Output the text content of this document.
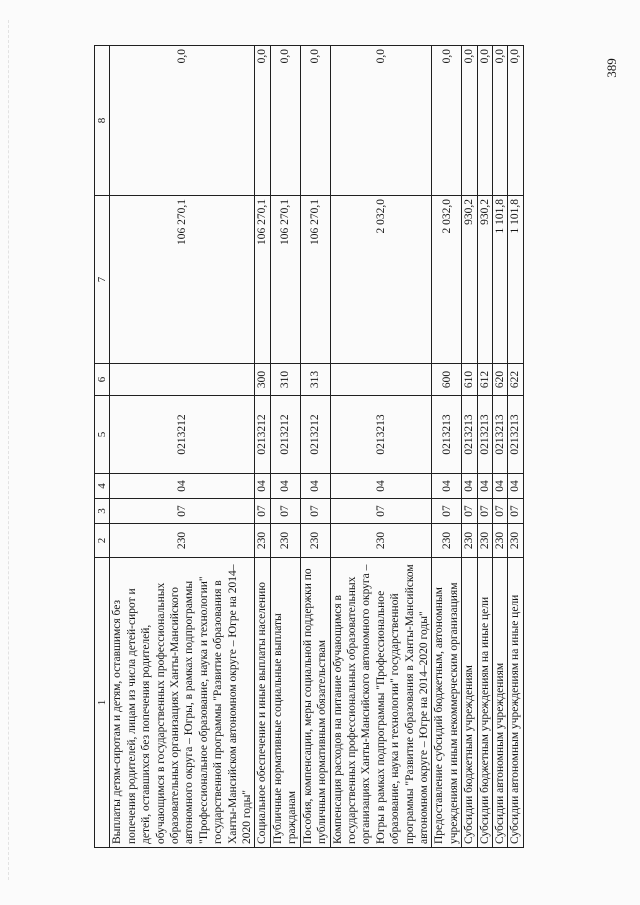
389
1	2	3	4	5	6	7	8
Выплаты детям-сиротам и детям, оставшимся без попечения родителей, лицам из числа детей-сирот и детей, оставшихся без попечения родителей, обучающимся в государственных профессиональных образовательных организациях Ханты-Мансийского автономного округа – Югры, в рамках подпрограммы "Профессиональное образование, наука и технологии" государственной программы "Развитие образования в Ханты-Мансийском автономном округе – Югре на 2014–2020 годы"	230	07	04	0213212		106 270,1	0,0
Социальное обеспечение и иные выплаты населению	230	07	04	0213212	300	106 270,1	0,0
Публичные нормативные социальные выплаты гражданам	230	07	04	0213212	310	106 270,1	0,0
Пособия, компенсации, меры социальной поддержки по публичным нормативным обязательствам	230	07	04	0213212	313	106 270,1	0,0
Компенсация расходов на питание обучающимся в государственных профессиональных образовательных организациях Ханты-Мансийского автономного округа – Югры в рамках подпрограммы "Профессиональное образование, наука и технологии" государственной программы "Развитие образования в Ханты-Мансийском автономном округе – Югре на 2014–2020 годы"	230	07	04	0213213		2 032,0	0,0
Предоставление субсидий бюджетным, автономным учреждениям и иным некоммерческим организациям	230	07	04	0213213	600	2 032,0	0,0
Субсидии бюджетным учреждениям	230	07	04	0213213	610	930,2	0,0
Субсидии бюджетным учреждениям на иные цели	230	07	04	0213213	612	930,2	0,0
Субсидии автономным учреждениям	230	07	04	0213213	620	1 101,8	0,0
Субсидии автономным учреждениям на иные цели	230	07	04	0213213	622	1 101,8	0,0
